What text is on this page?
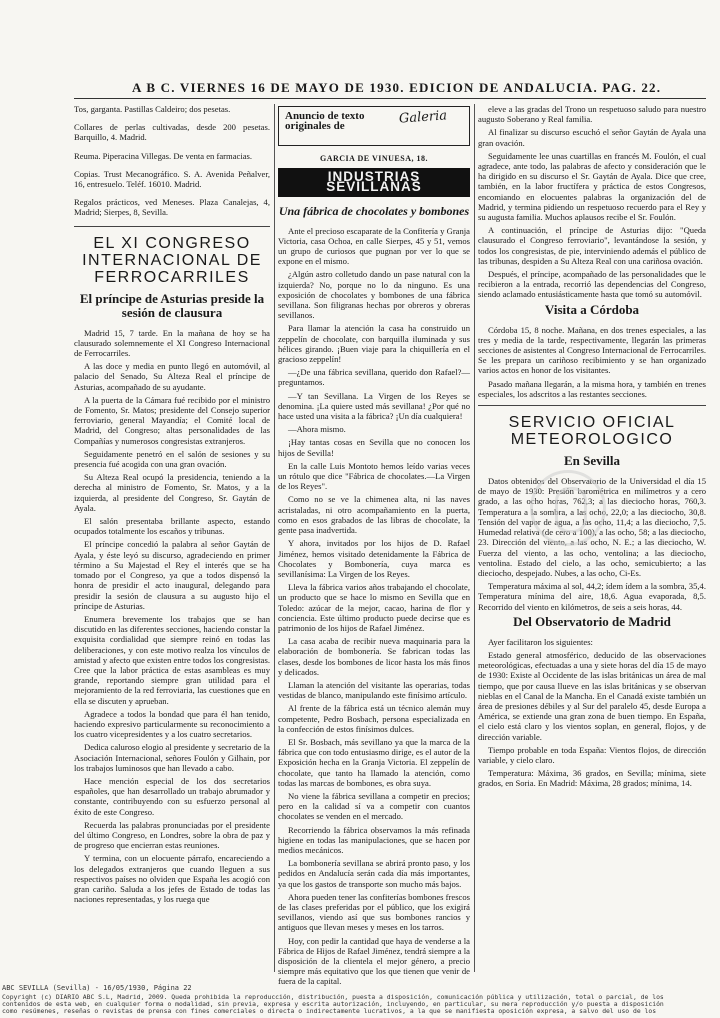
A B C. VIERNES 16 DE MAYO DE 1930. EDICION DE ANDALUCIA. PAG. 22.

Tos, garganta. Pastillas Caldeiro; dos pesetas.

Collares de perlas cultivadas, desde 200 pesetas. Barquillo, 4. Madrid.

Reuma. Piperacina Villegas. De venta en farmacias.

Copias. Trust Mecanográfico. S. A. Avenida Peñalver, 16, entresuelo. Teléf. 16010. Madrid.

Regalos prácticos, ved Meneses. Plaza Canalejas, 4, Madrid; Sierpes, 8, Sevilla.

EL XI CONGRESO INTERNACIONAL DE FERROCARRILES
El príncipe de Asturias preside la sesión de clausura

Madrid 15, 7 tarde. En la mañana de hoy se ha clausurado solemnemente el XI Congreso Internacional de Ferrocarriles.

A las doce y media en punto llegó en automóvil, al palacio del Senado, Su Alteza Real el príncipe de Asturias, acompañado de su ayudante.

A la puerta de la Cámara fué recibido por el ministro de Fomento, Sr. Matos; presidente del Consejo superior ferroviario, general Mayandía; el Comité local de Madrid, del Congreso; altas personalidades de las Compañías y numerosos congresistas extranjeros.

Seguidamente penetró en el salón de sesiones y su presencia fué acogida con una gran ovación.

Su Alteza Real ocupó la presidencia, teniendo a la derecha al ministro de Fomento, Sr. Matos, y a la izquierda, al presidente del Congreso, Sr. Gaytán de Ayala.

El salón presentaba brillante aspecto, estando ocupados totalmente los escaños y tribunas.

El príncipe concedió la palabra al señor Gaytán de Ayala, y éste leyó su discurso, agradeciendo en primer término a Su Majestad el Rey el interés que se ha tomado por el Congreso, ya que a todos dispensó la honra de presidir el acto inaugural, delegando para presidir la sesión de clausura a su augusto hijo el príncipe de Asturias.

Enumera brevemente los trabajos que se han discutido en las diferentes secciones, haciendo constar la exquisita cordialidad que siempre reinó en todas las deliberaciones, y con este motivo realza los vínculos de amistad y afecto que existen entre todos los congresistas. Cree que la labor práctica de estas asambleas es muy grande, reportando siempre gran utilidad para el mejoramiento de la red ferroviaria, las cuestiones que en ella se discuten y aprueban.

Agradece a todos la bondad que para él han tenido, haciendo expresivo particularmente su reconocimiento a los cuatro vicepresidentes y a los cuatro secretarios.

Dedica caluroso elogio al presidente y secretario de la Asociación Internacional, señores Foulón y Gilhain, por los trabajos luminosos que han llevado a cabo.

Hace mención especial de los dos secretarios españoles, que han desarrollado un trabajo abrumador y constante, contribuyendo con su esfuerzo personal al éxito de este Congreso.

Recuerda las palabras pronunciadas por el presidente del último Congreso, en Londres, sobre la obra de paz y de progreso que encierran estas reuniones.

Y termina, con un elocuente párrafo, encareciendo a los delegados extranjeros que cuando lleguen a sus respectivos países no olviden que España les acogió con gran cariño. Saluda a los jefes de Estado de todas las naciones representadas, y los ruega que

Anuncio de texto
originales de	Galeria
GARCIA DE VINUESA, 18.
INDUSTRIAS SEVILLANAS
Una fábrica de chocolates y bombones

Ante el precioso escaparate de la Confitería y Granja Victoria, casa Ochoa, en calle Sierpes, 45 y 51, vemos un grupo de curiosos que pugnan por ver lo que se expone en el mismo.

¿Algún astro colletudo dando un pase natural con la izquierda? No, porque no lo da ninguno. Es una exposición de chocolates y bombones de una fábrica sevillana. Son filigranas hechas por obreros y obreras sevillanos.

Para llamar la atención la casa ha construido un zeppelín de chocolate, con barquilla iluminada y sus hélices girando. ¡Buen viaje para la chiquillería en el gracioso zeppelín!

—¿De una fábrica sevillana, querido don Rafael?—preguntamos.

—Y tan Sevillana. La Virgen de los Reyes se denomina. ¡La quiere usted más sevillana! ¿Por qué no hace usted una visita a la fábrica? ¡Un día cualquiera!

—Ahora mismo.

¡Hay tantas cosas en Sevilla que no conocen los hijos de Sevilla!

En la calle Luis Montoto hemos leído varias veces un rótulo que dice "Fábrica de chocolates.—La Virgen de los Reyes".

Como no se ve la chimenea alta, ni las naves acristaladas, ni otro acompañamiento en la puerta, como en esos grabados de las libras de chocolate, la gente pasa inadvertida.

Y ahora, invitados por los hijos de D. Rafael Jiménez, hemos visitado detenidamente la Fábrica de Chocolates y Bombonería, cuya marca es sevillanísima: La Virgen de los Reyes.

Lleva la fábrica varios años trabajando el chocolate, un producto que se hace lo mismo en Sevilla que en Toledo: azúcar de la mejor, cacao, harina de flor y conciencia. Este último producto puede decirse que es patrimonio de los hijos de Rafael Jiménez.

La casa acaba de recibir nueva maquinaria para la elaboración de bombonería. Se fabrican todas las clases, desde los bombones de licor hasta los más finos y delicados.

Llaman la atención del visitante las operarias, todas vestidas de blanco, manipulando este finísimo artículo.

Al frente de la fábrica está un técnico alemán muy competente, Pedro Bosbach, persona especializada en la confección de estos finísimos dulces.

El Sr. Bosbach, más sevillano ya que la marca de la fábrica que con todo entusiasmo dirige, es el autor de la Exposición hecha en la Granja Victoria. El zeppelín de chocolate, que tanto ha llamado la atención, como todas las marcas de bombones, es obra suya.

No viene la fábrica sevillana a competir en precios; pero en la calidad sí va a competir con cuantos chocolates se venden en el mercado.

Recorriendo la fábrica observamos la más refinada higiene en todas las manipulaciones, que se hacen por medios mecánicos.

La bombonería sevillana se abrirá pronto paso, y los pedidos en Andalucía serán cada día más importantes, ya que los gastos de transporte son mucho más bajos.

Ahora pueden tener las confiterías bombones frescos de las clases preferidas por el público, que los exigirá sevillanos, viendo así que sus bombones rancios y antiguos que llevan meses y meses en los tarros.

Hoy, con pedir la cantidad que haya de venderse a la Fábrica de Hijos de Rafael Jiménez, tendrá siempre a la disposición de la clientela el mejor género, a precio siempre más equitativo que los que tienen que venir de fuera de la capital.

eleve a las gradas del Trono un respetuoso saludo para nuestro augusto Soberano y Real familia.

Al finalizar su discurso escuchó el señor Gaytán de Ayala una gran ovación.

Seguidamente lee unas cuartillas en francés M. Foulón, el cual agradece, ante todo, las palabras de afecto y consideración que le ha dirigido en su discurso el Sr. Gaytán de Ayala. Dice que cree, también, en la labor fructífera y práctica de estos Congresos, encomiando en elocuentes palabras la organización del de Madrid, y termina pidiendo un respetuoso recuerdo para el Rey y su augusta familia. Muchos aplausos recibe el Sr. Foulón.

A continuación, el príncipe de Asturias dijo: "Queda clausurado el Congreso ferroviario", levantándose la sesión, y todos los congresistas, de pie, interviniendo además el público de las tribunas, despiden a Su Alteza Real con una cariñosa ovación.

Después, el príncipe, acompañado de las personalidades que le recibieron a la entrada, recorrió las dependencias del Congreso, siendo aclamado entusiásticamente hasta que tomó su automóvil.

Visita a Córdoba

Córdoba 15, 8 noche. Mañana, en dos trenes especiales, a las tres y media de la tarde, respectivamente, llegarán las primeras secciones de asistentes al Congreso Internacional de Ferrocarriles. Se les prepara un cariñoso recibimiento y se han organizado varios actos en honor de los visitantes.

Pasado mañana llegarán, a la misma hora, y también en trenes especiales, los adscritos a las restantes secciones.

SERVICIO OFICIAL METEOROLOGICO
En Sevilla

Datos obtenidos del Observatorio de la Universidad el día 15 de mayo de 1930: Presión barométrica en milímetros y a cero grado, a las ocho horas, 762,3; a las dieciocho horas, 760,3. Temperatura a la sombra, a las ocho, 22,0; a las dieciocho, 30,8. Tensión del vapor de agua, a las ocho, 11,4; a las dieciocho, 7,5. Humedad relativa (de cero a 100), a las ocho, 58; a las dieciocho, 23. Dirección del viento, a las ocho, N. E.; a las dieciocho, W. Fuerza del viento, a las ocho, ventolina; a las dieciocho, ventolina. Estado del cielo, a las ocho, semicubierto; a las dieciocho, despejado. Nubes, a las ocho, Ci-Es.

Temperatura máxima al sol, 44,2; ídem ídem a la sombra, 35,4. Temperatura mínima del aire, 18,6. Agua evaporada, 8,5. Recorrido del viento en kilómetros, de seis a seis horas, 44.

Del Observatorio de Madrid

Ayer facilitaron los siguientes:

Estado general atmosférico, deducido de las observaciones meteorológicas, efectuadas a una y siete horas del día 15 de mayo de 1930: Existe al Occidente de las islas británicas un área de mal tiempo, que por causa llueve en las islas británicas y se observan nieblas en el Canal de la Mancha. En el Canadá existe también un área de presiones débiles y al Sur del paralelo 45, desde Europa a América, se extiende una gran zona de buen tiempo. En España, el cielo está claro y los vientos soplan, en general, flojos, y de dirección variable.

Tiempo probable en toda España: Vientos flojos, de dirección variable, y cielo claro.

Temperatura: Máxima, 36 grados, en Sevilla; mínima, siete grados, en Soria. En Madrid: Máxima, 28 grados; mínima, 14.

ABC SEVILLA (Sevilla) - 16/05/1930, Página 22
Copyright (c) DIARIO ABC S.L, Madrid, 2009. Queda prohibida la reproducción, distribución, puesta a disposición, comunicación pública y utilización, total o parcial, de los
contenidos de esta web, en cualquier forma o modalidad, sin previa, expresa y escrita autorización, incluyendo, en particular, su mera reproducción y/o puesta a disposición
como resúmenes, reseñas o revistas de prensa con fines comerciales o directa o indirectamente lucrativos, a la que se manifiesta oposición expresa, a salvo del uso de los
